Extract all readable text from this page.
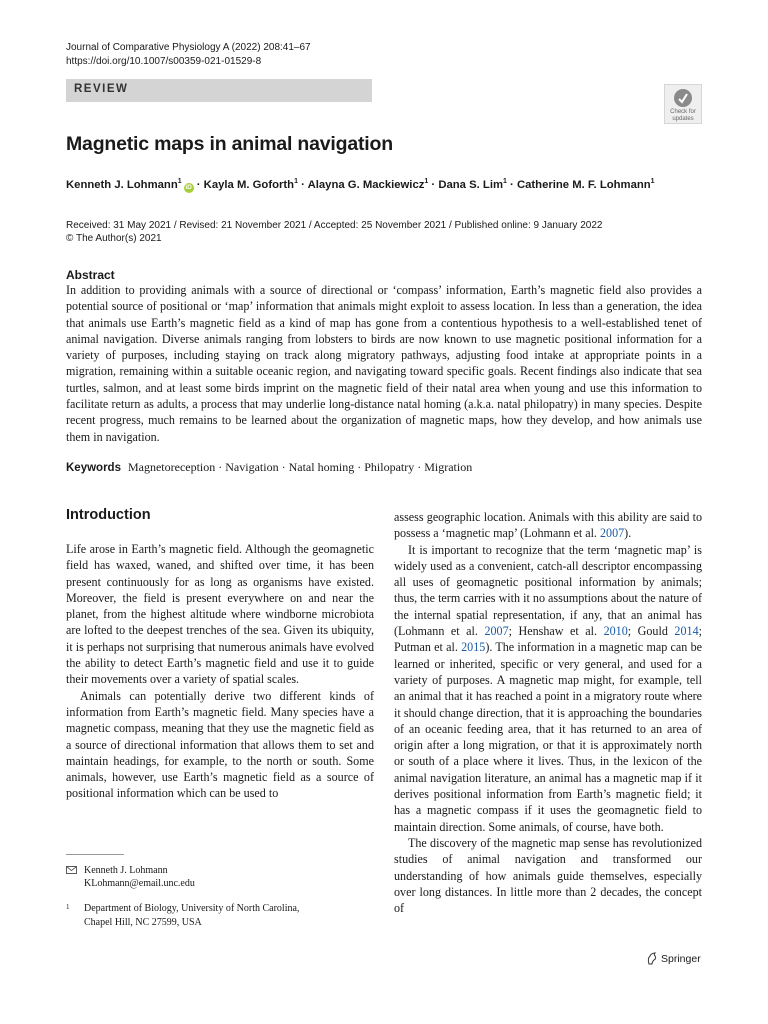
Journal of Comparative Physiology A (2022) 208:41–67
https://doi.org/10.1007/s00359-021-01529-8
REVIEW
Check for
updates
Magnetic maps in animal navigation
Kenneth J. Lohmann$^1$iD · Kayla M. Goforth$^1$ · Alayna G. Mackiewicz$^1$ · Dana S. Lim$^1$ · Catherine M. F. Lohmann$^1$
Received: 31 May 2021 / Revised: 21 November 2021 / Accepted: 25 November 2021 / Published online: 9 January 2022
© The Author(s) 2021
Abstract

In addition to providing animals with a source of directional or ‘compass’ information, Earth’s magnetic field also provides a potential source of positional or ‘map’ information that animals might exploit to assess location. In less than a generation, the idea that animals use Earth’s magnetic field as a kind of map has gone from a contentious hypothesis to a well-established tenet of animal navigation. Diverse animals ranging from lobsters to birds are now known to use magnetic positional information for a variety of purposes, including staying on track along migratory pathways, adjusting food intake at appropriate points in a migration, remaining within a suitable oceanic region, and navigating toward specific goals. Recent findings also indicate that sea turtles, salmon, and at least some birds imprint on the magnetic field of their natal area when young and use this information to facilitate return as adults, a process that may underlie long-distance natal homing (a.k.a. natal philopatry) in many species. Despite recent progress, much remains to be learned about the organization of magnetic maps, how they develop, and how animals use them in navigation.

Keywords Magnetoreception · Navigation · Natal homing · Philopatry · Migration
Introduction

Life arose in Earth’s magnetic field. Although the geomagnetic field has waxed, waned, and shifted over time, it has been present continuously for as long as organisms have existed. Moreover, the field is present everywhere on and near the planet, from the highest altitude where windborne microbiota are lofted to the deepest trenches of the sea. Given its ubiquity, it is perhaps not surprising that numerous animals have evolved the ability to detect Earth’s magnetic field and use it to guide their movements over a variety of spatial scales.

Animals can potentially derive two different kinds of information from Earth’s magnetic field. Many species have a magnetic compass, meaning that they use the magnetic field as a source of directional information that allows them to set and maintain headings, for example, to the north or south. Some animals, however, use Earth’s magnetic field as a source of positional information which can be used to

assess geographic location. Animals with this ability are said to possess a ‘magnetic map’ (Lohmann et al. 2007).

It is important to recognize that the term ‘magnetic map’ is widely used as a convenient, catch-all descriptor encompassing all uses of geomagnetic positional information by animals; thus, the term carries with it no assumptions about the nature of the internal spatial representation, if any, that an animal has (Lohmann et al. 2007; Henshaw et al. 2010; Gould 2014; Putman et al. 2015). The information in a magnetic map can be learned or inherited, specific or very general, and used for a variety of purposes. A magnetic map might, for example, tell an animal that it has reached a point in a migratory route where it should change direction, that it is approaching the boundaries of an oceanic feeding area, that it has returned to an area of origin after a long migration, or that it is approximately north or south of a place where it lives. Thus, in the lexicon of the animal navigation literature, an animal has a magnetic map if it derives positional information from Earth’s magnetic field; it has a magnetic compass if it uses the geomagnetic field to maintain direction. Some animals, of course, have both.

The discovery of the magnetic map sense has revolutionized studies of animal navigation and transformed our understanding of how animals guide themselves, especially over long distances. In little more than 2 decades, the concept of

Kenneth J. Lohmann
KLohmann@email.unc.edu
1 Department of Biology, University of North Carolina,
Chapel Hill, NC 27599, USA
Springer
